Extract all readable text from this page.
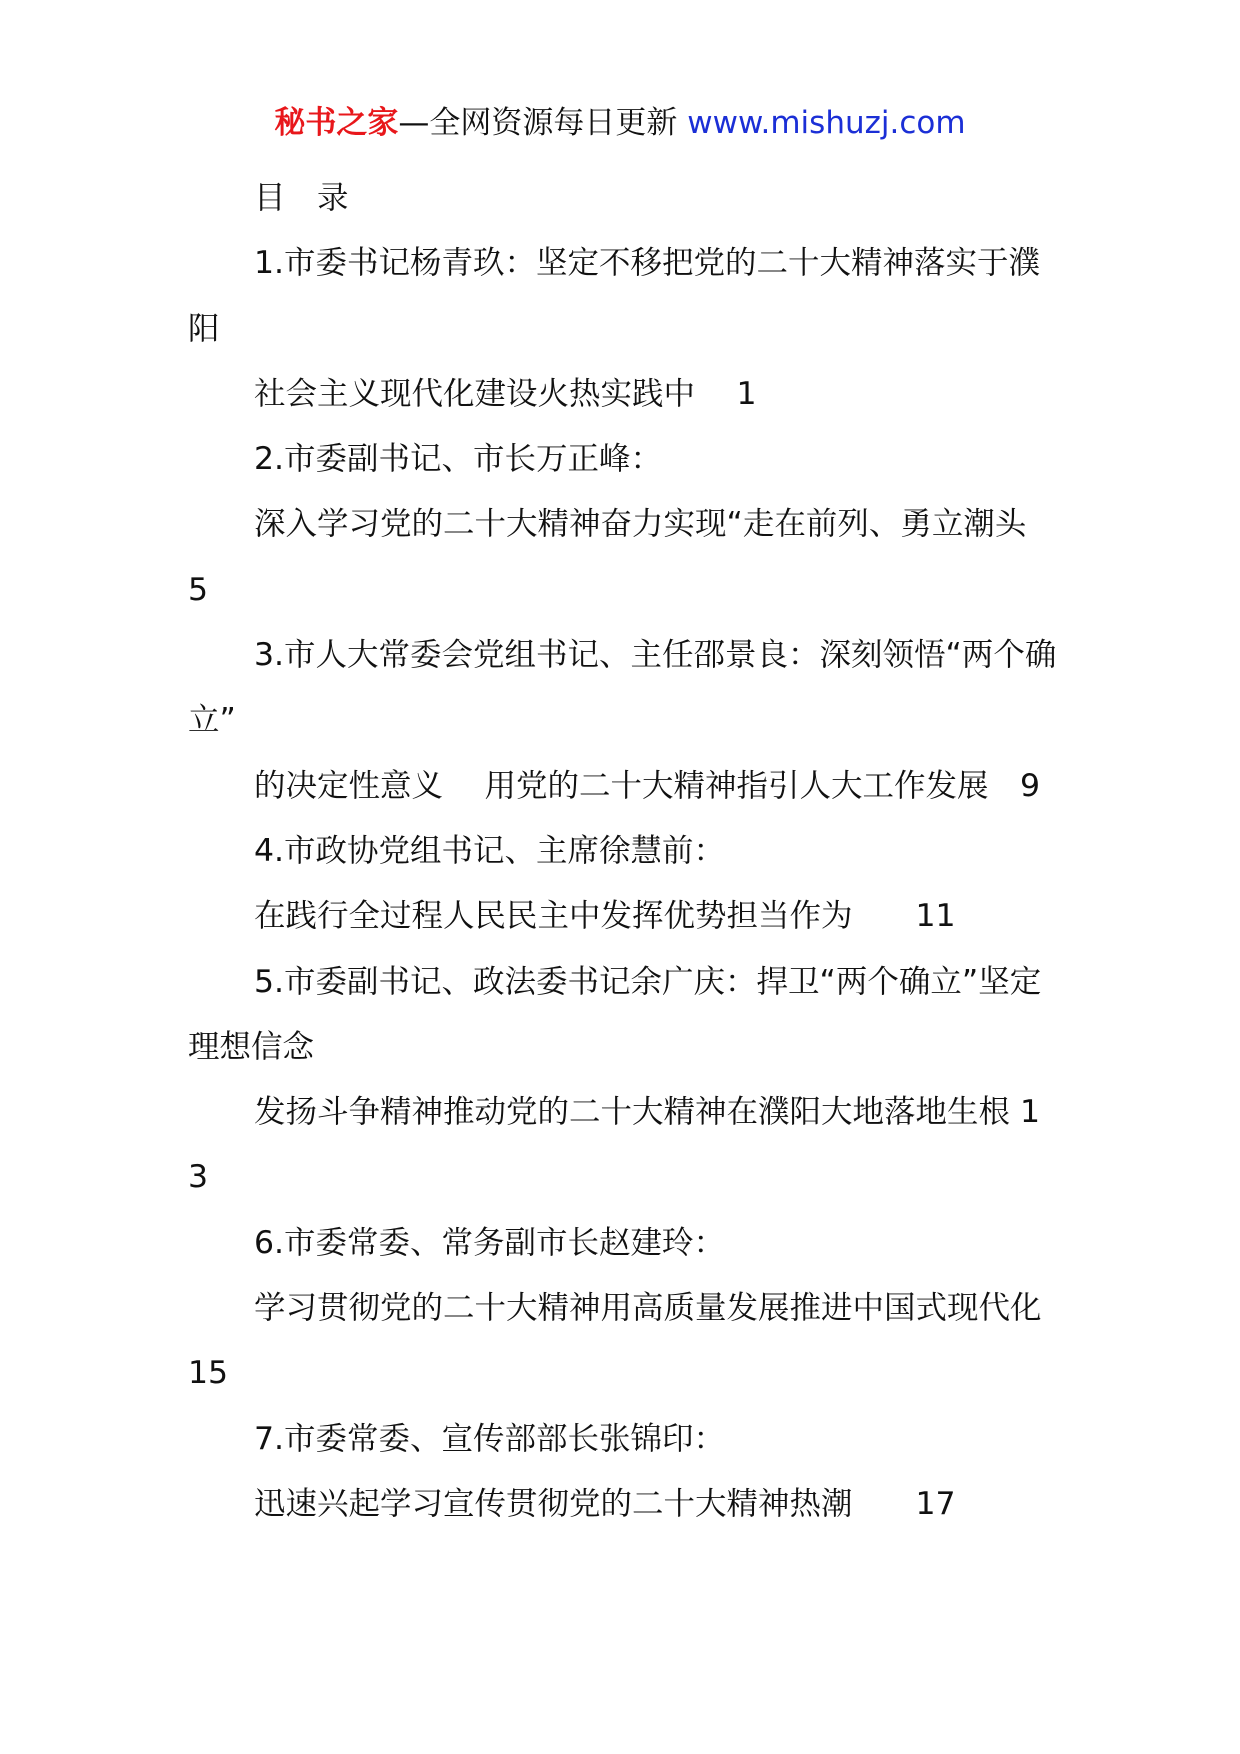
秘书之家—全网资源每日更新 www.mishuzj.com

目　录

1.市委书记杨青玖：坚定不移把党的二十大精神落实于濮阳

社会主义现代化建设火热实践中　 1

2.市委副书记、市长万正峰：

深入学习党的二十大精神奋力实现“走在前列、勇立潮头　5

3.市人大常委会党组书记、主任邵景良：深刻领悟“两个确立”

的决定性意义　 用党的二十大精神指引人大工作发展　9

4.市政协党组书记、主席徐慧前：

在践行全过程人民民主中发挥优势担当作为　　11

5.市委副书记、政法委书记余广庆：捍卫“两个确立”坚定理想信念

发扬斗争精神推动党的二十大精神在濮阳大地落地生根 13

6.市委常委、常务副市长赵建玲：

学习贯彻党的二十大精神用高质量发展推进中国式现代化　15

7.市委常委、宣传部部长张锦印：

迅速兴起学习宣传贯彻党的二十大精神热潮　　17
